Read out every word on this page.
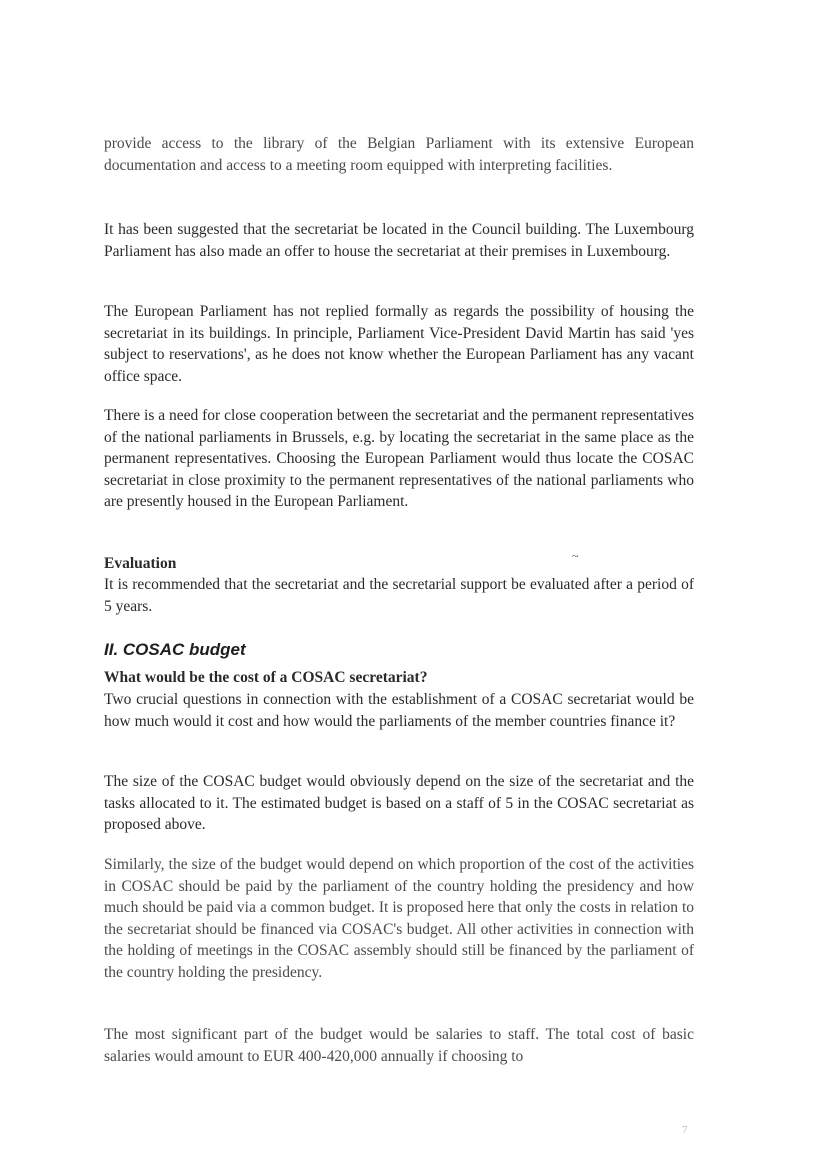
provide access to the library of the Belgian Parliament with its extensive European documentation and access to a meeting room equipped with interpreting facilities.

It has been suggested that the secretariat be located in the Council building. The Luxembourg Parliament has also made an offer to house the secretariat at their premises in Luxembourg.

The European Parliament has not replied formally as regards the possibility of housing the secretariat in its buildings. In principle, Parliament Vice-President David Martin has said 'yes subject to reservations', as he does not know whether the European Parliament has any vacant office space.

There is a need for close cooperation between the secretariat and the permanent representatives of the national parliaments in Brussels, e.g. by locating the secretariat in the same place as the permanent representatives. Choosing the European Parliament would thus locate the COSAC secretariat in close proximity to the permanent representatives of the national parliaments who are presently housed in the European Parliament.

~
Evaluation

It is recommended that the secretariat and the secretarial support be evaluated after a period of 5 years.

II. COSAC budget
What would be the cost of a COSAC secretariat?

Two crucial questions in connection with the establishment of a COSAC secretariat would be how much would it cost and how would the parliaments of the member countries finance it?

The size of the COSAC budget would obviously depend on the size of the secretariat and the tasks allocated to it. The estimated budget is based on a staff of 5 in the COSAC secretariat as proposed above.

Similarly, the size of the budget would depend on which proportion of the cost of the activities in COSAC should be paid by the parliament of the country holding the presidency and how much should be paid via a common budget. It is proposed here that only the costs in relation to the secretariat should be financed via COSAC's budget. All other activities in connection with the holding of meetings in the COSAC assembly should still be financed by the parliament of the country holding the presidency.

The most significant part of the budget would be salaries to staff. The total cost of basic salaries would amount to EUR 400-420,000 annually if choosing to

7
